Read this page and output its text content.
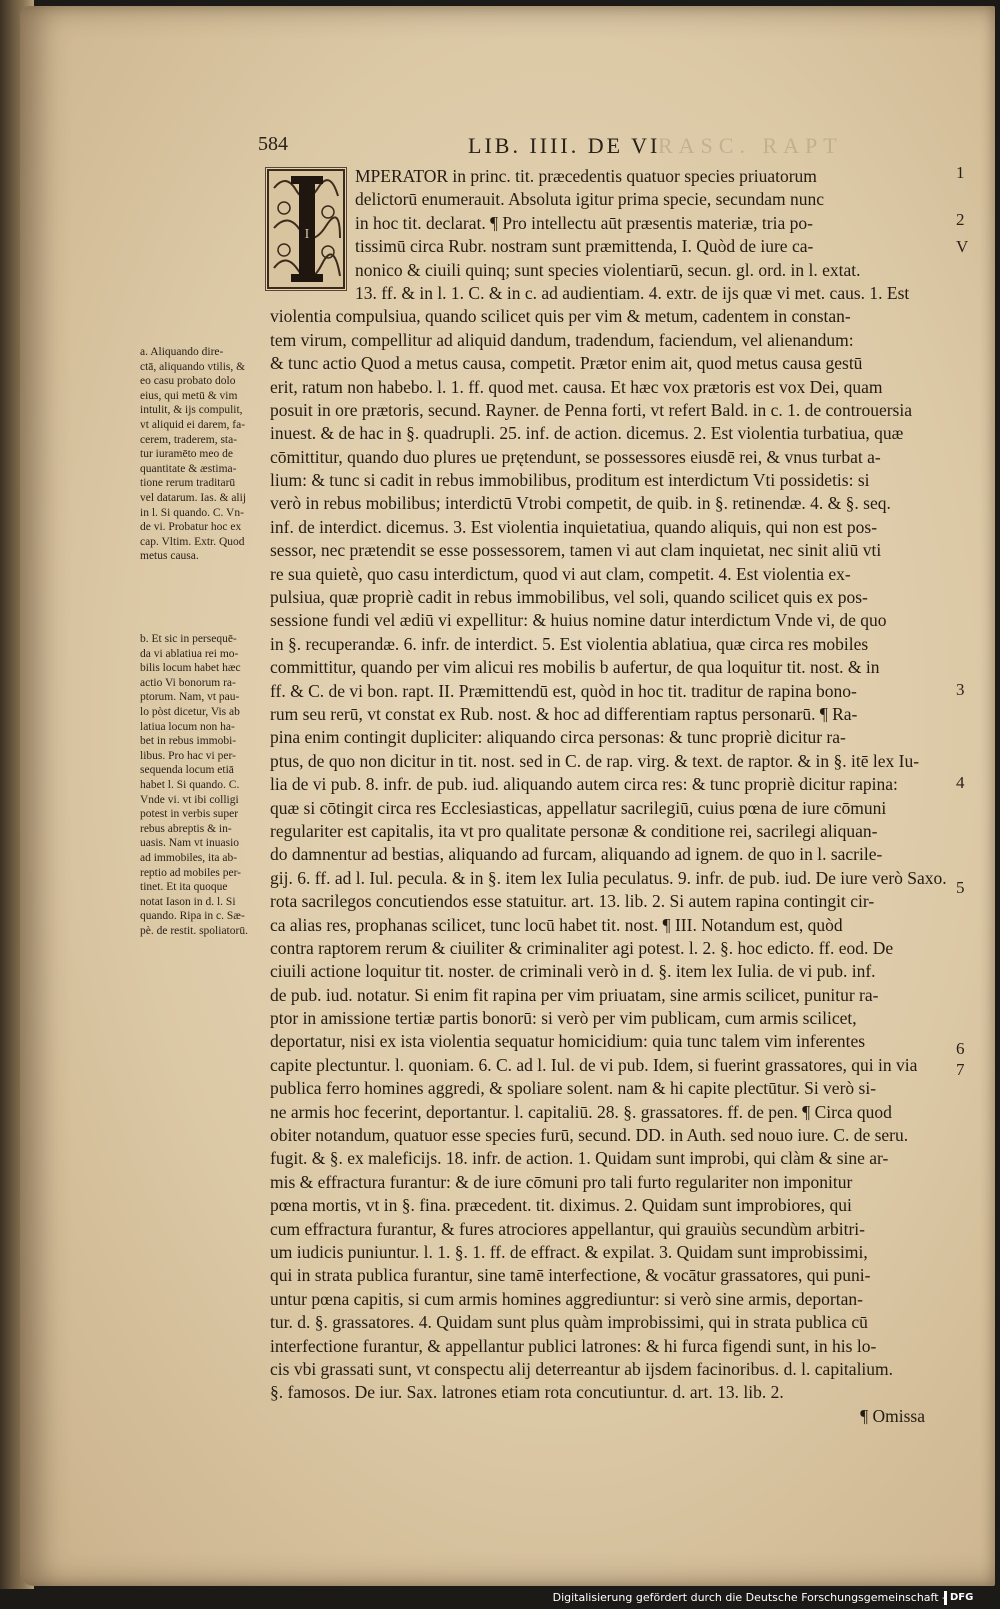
584	LIB. IIII. DE VI
RASC. RAPT
I
MPERATOR in princ. tit. præcedentis quatuor species priuatorum
delictorū enumerauit. Absoluta igitur prima specie, secundam nunc
in hoc tit. declarat. ¶ Pro intellectu aūt præsentis materiæ, tria po-
tissimū circa Rubr. nostram sunt præmittenda, I. Quòd de iure ca-
nonico & ciuili quinq; sunt species violentiarū, secun. gl. ord. in l. extat.
13. ff. & in l. 1. C. & in c. ad audientiam. 4. extr. de ijs quæ vi met. caus. 1. Est
violentia compulsiua, quando scilicet quis per vim & metum, cadentem in constan-
tem virum, compellitur ad aliquid dandum, tradendum, faciendum, vel alienandum:
& tunc actio Quod a metus causa, competit. Prætor enim ait, quod metus causa gestū
erit, ratum non habebo. l. 1. ff. quod met. causa. Et hæc vox prætoris est vox Dei, quam
posuit in ore prætoris, secund. Rayner. de Penna forti, vt refert Bald. in c. 1. de controuersia
inuest. & de hac in §. quadrupli. 25. inf. de action. dicemus. 2. Est violentia turbatiua, quæ
cōmittitur, quando duo plures ue prętendunt, se possessores eiusdē rei, & vnus turbat a-
lium: & tunc si cadit in rebus immobilibus, proditum est interdictum Vti possidetis: si
verò in rebus mobilibus; interdictū Vtrobi competit, de quib. in §. retinendæ. 4. & §. seq.
inf. de interdict. dicemus. 3. Est violentia inquietatiua, quando aliquis, qui non est pos-
sessor, nec prætendit se esse possessorem, tamen vi aut clam inquietat, nec sinit aliū vti
re sua quietè, quo casu interdictum, quod vi aut clam, competit. 4. Est violentia ex-
pulsiua, quæ propriè cadit in rebus immobilibus, vel soli, quando scilicet quis ex pos-
sessione fundi vel ædiū vi expellitur: & huius nomine datur interdictum Vnde vi, de quo
in §. recuperandæ. 6. infr. de interdict. 5. Est violentia ablatiua, quæ circa res mobiles
committitur, quando per vim alicui res mobilis b aufertur, de qua loquitur tit. nost. & in
ff. & C. de vi bon. rapt. II. Præmittendū est, quòd in hoc tit. traditur de rapina bono-
rum seu rerū, vt constat ex Rub. nost. & hoc ad differentiam raptus personarū. ¶ Ra-
pina enim contingit dupliciter: aliquando circa personas: & tunc propriè dicitur ra-
ptus, de quo non dicitur in tit. nost. sed in C. de rap. virg. & text. de raptor. & in §. itē lex Iu-
lia de vi pub. 8. infr. de pub. iud. aliquando autem circa res: & tunc propriè dicitur rapina:
quæ si cōtingit circa res Ecclesiasticas, appellatur sacrilegiū, cuius pœna de iure cōmuni
regulariter est capitalis, ita vt pro qualitate personæ & conditione rei, sacrilegi aliquan-
do damnentur ad bestias, aliquando ad furcam, aliquando ad ignem. de quo in l. sacrile-
gij. 6. ff. ad l. Iul. pecula. & in §. item lex Iulia peculatus. 9. infr. de pub. iud. De iure verò Saxo.
rota sacrilegos concutiendos esse statuitur. art. 13. lib. 2. Si autem rapina contingit cir-
ca alias res, prophanas scilicet, tunc locū habet tit. nost. ¶ III. Notandum est, quòd
contra raptorem rerum & ciuiliter & criminaliter agi potest. l. 2. §. hoc edicto. ff. eod. De
ciuili actione loquitur tit. noster. de criminali verò in d. §. item lex Iulia. de vi pub. inf.
de pub. iud. notatur. Si enim fit rapina per vim priuatam, sine armis scilicet, punitur ra-
ptor in amissione tertiæ partis bonorū: si verò per vim publicam, cum armis scilicet,
deportatur, nisi ex ista violentia sequatur homicidium: quia tunc talem vim inferentes
capite plectuntur. l. quoniam. 6. C. ad l. Iul. de vi pub. Idem, si fuerint grassatores, qui in via
publica ferro homines aggredi, & spoliare solent. nam & hi capite plectūtur. Si verò si-
ne armis hoc fecerint, deportantur. l. capitaliū. 28. §. grassatores. ff. de pen. ¶ Circa quod
obiter notandum, quatuor esse species furū, secund. DD. in Auth. sed nouo iure. C. de seru.
fugit. & §. ex maleficijs. 18. infr. de action. 1. Quidam sunt improbi, qui clàm & sine ar-
mis & effractura furantur: & de iure cōmuni pro tali furto regulariter non imponitur
pœna mortis, vt in §. fina. præcedent. tit. diximus. 2. Quidam sunt improbiores, qui
cum effractura furantur, & fures atrociores appellantur, qui grauiùs secundùm arbitri-
um iudicis puniuntur. l. 1. §. 1. ff. de effract. & expilat. 3. Quidam sunt improbissimi,
qui in strata publica furantur, sine tamē interfectione, & vocātur grassatores, qui puni-
untur pœna capitis, si cum armis homines aggrediuntur: si verò sine armis, deportan-
tur. d. §. grassatores. 4. Quidam sunt plus quàm improbissimi, qui in strata publica cū
interfectione furantur, & appellantur publici latrones: & hi furca figendi sunt, in his lo-
cis vbi grassati sunt, vt conspectu alij deterreantur ab ijsdem facinoribus. d. l. capitalium.
§. famosos. De iur. Sax. latrones etiam rota concutiuntur. d. art. 13. lib. 2.
¶ Omissa
a. Aliquando dire-
ctā, aliquando vtilis, &
eo casu probato dolo
eius, qui metū & vim
intulit, & ijs compulit,
vt aliquid ei darem, fa-
cerem, traderem, sta-
tur iuramēto meo de
quantitate & æstima-
tione rerum traditarū
vel datarum. Ias. & alij
in l. Si quando. C. Vn-
de vi. Probatur hoc ex
cap. Vltim. Extr. Quod
metus causa.
b. Et sic in persequē-
da vi ablatiua rei mo-
bilis locum habet hæc
actio Vi bonorum ra-
ptorum. Nam, vt pau-
lo pòst dicetur, Vis ab
latiua locum non ha-
bet in rebus immobi-
libus. Pro hac vi per-
sequenda locum etiā
habet l. Si quando. C.
Vnde vi. vt ibi colligi
potest in verbis super
rebus abreptis & in-
uasis. Nam vt inuasio
ad immobiles, ita ab-
reptio ad mobiles per-
tinet. Et ita quoque
notat Iason in d. l. Si
quando. Ripa in c. Sæ-
pè. de restit. spoliatorū.
1
2
V
3
4
5
6
7
Digitalisierung gefördert durch die Deutsche Forschungsgemeinschaft - DFG
